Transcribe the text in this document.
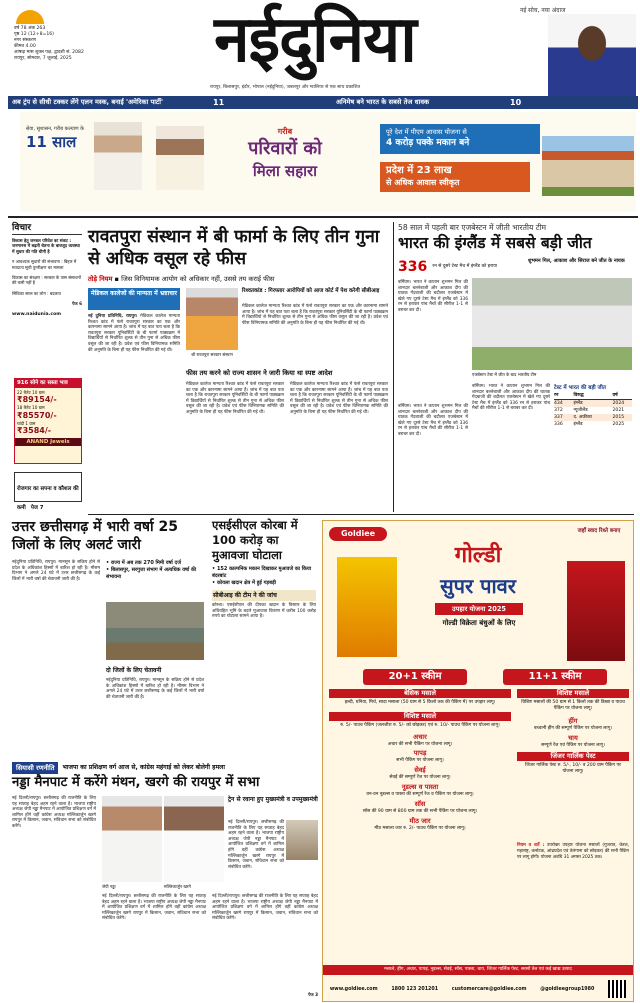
वर्ष 78 अंक 263
पृष्ठ 12 (12+8=16)
नगर संस्करण
कीमत 4.00
आषाढ़ मास शुक्ल पक्ष, द्वादशी सं. 2082
रायपुर, सोमवार, 7 जुलाई, 2025	नईदुनिया	नई सोच, नया अंदाज
रायपुर, बिलासपुर, इंदौर, भोपाल (नईदुनिया), जबलपुर और ग्वालियर से एक साथ प्रकाशित
अब ट्रंप से सीधी टक्कर लेंगे एलन मस्क, बनाई 'अमेरिका पार्टी'	11	अनिमेष बने भारत के सबसे तेज धावक	10
सेवा, सुशासन, गरीब कल्याण के
11 साल
गरीब
परिवारों को
मिला सहारा
पूरे देश में पीएम आवास योजना से
4 करोड़ पक्के मकान बने
प्रदेश में 23 लाख
से अधिक आवास स्वीकृत
विचार
विकास हेतु जनबल परिवेश का संकट : जनमानस में बढ़ती चेतना के बावजूद व्यवस्था में सुधार की गति धीमी है
न आवश्यक सुधारों की संभावना : बिहार में मतदाता सूची पुनरीक्षण का मामला
विकास का संरक्षण : सरकार के पास संसाधनों की कमी नहीं है
सिंधिका सरल का लोग : बदलाव
पेज 6
www.naidunia.com
916 सोने का सस्ता भाव
22 कैरेट 10 ग्राम
₹89154/-
18 कैरेट 10 ग्राम
₹85570/-
चांदी 1 ग्राम
₹3584/-
ANAND Jewels
रोजगार का सपना व कौशल की कमी पेज 7
रावतपुरा संस्थान में बी फार्मा के लिए तीन गुना से अधिक वसूल रहे फीस
तोड़े नियम ▪ जिस विनियामक आयोग को अधिकार नहीं, उससे तय कराई फीस
मेडिकल कालेजों की मान्यता में भ्रष्टाचार
नई दुनिया प्रतिनिधि, रायपुर। मेडिकल कालेज मान्यता रिश्वत कांड में फंसे रावतपुरा सरकार का एक और कारनामा सामने आया है। जांच में यह बात पता चला है कि रावतपुरा सरकार यूनिवर्सिटी के बी फार्मा पाठ्यक्रम में विद्यार्थियों से निर्धारित शुल्क से तीन गुना से अधिक फीस वसूल की जा रही है। प्रवेश एवं फीस विनियामक समिति की अनुमति के बिना ही यह फीस निर्धारित की गई थी।
श्री रावतपुरा सरकार संस्थान
रिश्वतकांड : गिरफ्तार आरोपियों को आज कोर्ट में पेश करेगी सीबीआइ
मेडिकल कालेज मान्यता रिश्वत कांड में फंसे रावतपुरा सरकार का एक और कारनामा सामने आया है। जांच में यह बात पता चला है कि रावतपुरा सरकार यूनिवर्सिटी के बी फार्मा पाठ्यक्रम में विद्यार्थियों से निर्धारित शुल्क से तीन गुना से अधिक फीस वसूल की जा रही है। प्रवेश एवं फीस विनियामक समिति की अनुमति के बिना ही यह फीस निर्धारित की गई थी।
फीस तय करने को राज्य शासन ने जारी किया था स्पष्ट आदेश
मेडिकल कालेज मान्यता रिश्वत कांड में फंसे रावतपुरा सरकार का एक और कारनामा सामने आया है। जांच में यह बात पता चला है कि रावतपुरा सरकार यूनिवर्सिटी के बी फार्मा पाठ्यक्रम में विद्यार्थियों से निर्धारित शुल्क से तीन गुना से अधिक फीस वसूल की जा रही है। प्रवेश एवं फीस विनियामक समिति की अनुमति के बिना ही यह फीस निर्धारित की गई थी।
मेडिकल कालेज मान्यता रिश्वत कांड में फंसे रावतपुरा सरकार का एक और कारनामा सामने आया है। जांच में यह बात पता चला है कि रावतपुरा सरकार यूनिवर्सिटी के बी फार्मा पाठ्यक्रम में विद्यार्थियों से निर्धारित शुल्क से तीन गुना से अधिक फीस वसूल की जा रही है। प्रवेश एवं फीस विनियामक समिति की अनुमति के बिना ही यह फीस निर्धारित की गई थी।
58 साल में पहली बार एजबेस्टन में जीती भारतीय टीम
भारत की इंग्लैंड में सबसे बड़ी जीत
336 रन से दूसरे टेस्ट मैच में इंग्लैंड को हराया
शुभमन गिल, आकाश और सिराज बने जीत के नायक
बर्मिंघम। भारत ने कप्तान शुभमन गिल की शानदार बल्लेबाजी और आकाश दीप की घातक गेंदबाजी की बदौलत एजबेस्टन में खेले गए दूसरे टेस्ट मैच में इंग्लैंड को 336 रन से हराकर पांच मैचों की सीरीज 1-1 से बराबर कर दी।
एजबेस्टन टेस्ट में जीत के बाद भारतीय टीम
बर्मिंघम। भारत ने कप्तान शुभमन गिल की शानदार बल्लेबाजी और आकाश दीप की घातक गेंदबाजी की बदौलत एजबेस्टन में खेले गए दूसरे टेस्ट मैच में इंग्लैंड को 336 रन से हराकर पांच मैचों की सीरीज 1-1 से बराबर कर दी।
बर्मिंघम। भारत ने कप्तान शुभमन गिल की शानदार बल्लेबाजी और आकाश दीप की घातक गेंदबाजी की बदौलत एजबेस्टन में खेले गए दूसरे टेस्ट मैच में इंग्लैंड को 336 रन से हराकर पांच मैचों की सीरीज 1-1 से बराबर कर दी।
टेस्ट में भारत की बड़ी जीत
रन	विरुद्ध	वर्ष
434	इंग्लैंड	2024
372	न्यूजीलैंड	2021
337	द. अफ्रीका	2015
336	इंग्लैंड	2025
उत्तर छत्तीसगढ़ में भारी वर्षा 25 जिलों के लिए अलर्ट जारी
नईदुनिया प्रतिनिधि, रायपुर। मानसून के सक्रिय होने से प्रदेश के अधिकांश हिस्सों में बारिश हो रही है। मौसम विभाग ने अगले 24 घंटे में उत्तर छत्तीसगढ़ के कई जिलों में भारी वर्षा की चेतावनी जारी की है।
• राज्य में अब तक 270 मिमी वर्षा दर्ज
• बिलासपुर, सरगुजा संभाग में अत्यधिक वर्षा की संभावना
दो जिलों के लिए चेतावनी
नईदुनिया प्रतिनिधि, रायपुर। मानसून के सक्रिय होने से प्रदेश के अधिकांश हिस्सों में बारिश हो रही है। मौसम विभाग ने अगले 24 घंटे में उत्तर छत्तीसगढ़ के कई जिलों में भारी वर्षा की चेतावनी जारी की है।
एसईसीएल कोरबा में 100 करोड़ का मुआवजा घोटाला
• 152 काल्पनिक मकान दिखाकर मुआवजे का किया बंदरबांट
• कोयला खदान क्षेत्र में हुई गड़बड़ी
सीबीआइ की टीम ने की जांच
कोरबा। एसईसीएल की दीपका खदान के विस्तार के लिए अधिग्रहित भूमि के बदले मुआवजा वितरण में करीब 100 करोड़ रुपये का घोटाला सामने आया है।
Goldiee	जहाँ स्वाद रिश्ते बनाए
गोल्डी
सुपर पावर
उपहार योजना 2025
गोल्डी विक्रेता बंधुओं के लिए
20+1 स्कीम	11+1 स्कीम
बेसिक मसाले
हल्दी, धनिया, मिर्च, सादा मसाला (50 ग्राम से 5 किलो तक की पैकिंग में) पर उपहार लागू।
विशिष्ट मसाले
रु. 5/- पाउच पैकिंग (जलजीरा रु. 5/- को छोड़कर) एवं रु. 10/- पाउच पैकिंग पर योजना लागू।
अचार
अचार की सभी पैकिंग पर योजना लागू।
पापड़
सभी पैकिंग पर योजना लागू।
सेवई
सेवई की सम्पूर्ण रेंज पर योजना लागू।
नूडल्स व पास्ता
वन-वन नूडल्स व पास्ता की सम्पूर्ण रेंज व पैकिंग पर योजना लागू।
सॉस
सॉस की 90 ग्राम से 800 ग्राम तक की सभी पैकिंग पर योजना लागू।
मीठ जार
मीठ मसाला जार रु. 2/- पाउच पैकिंग पर योजना लागू।
विशिष्ट मसाले
विशिष्ट मसालों की 50 ग्राम से 1 किलो तक की डिब्बा व पाउच पैकिंग पर योजना लागू।
हींग
बच्चानी हींग की सम्पूर्ण पैकिंग पर योजना लागू।
चाय
सम्पूर्ण रेंज एवं पैकिंग पर योजना लागू।
जिंजर गार्लिक पेस्ट
जिंजर गार्लिक पेस्ट रु. 5/-, 10/- व 200 ग्राम पैकिंग पर योजना लागू।
नियम व शर्तें : उपरोक्त उपहार योजना मसालों (गुजरात, केरल, महाराष्ट्र, कर्नाटक, आंध्रप्रदेश एवं तेलंगाना को छोड़कर) की सभी पैकिंग पर लागू होगी। योजना अवधि 31 अगस्त 2025 तक।
मसाले, हींग, अचार, पापड़, नूडल्स, सेवई, सॉस, पास्ता, चाय, जिंजर गार्लिक पेस्ट, सरसों तेल एवं कई खाद्य उत्पाद
www.goldiee.com	1800 123 201201	customercare@goldiee.com	@goldieegroup1980
सियासी रणनीति	भाजपा का प्रशिक्षण वर्ग आज से, कांग्रेस महंगाई को लेकर बोलेगी हमला
नड्डा मैनपाट में करेंगे मंथन, खरगे की रायपुर में सभा
नई दिल्ली/रायपुर। छत्तीसगढ़ की राजनीति के लिए यह सप्ताह बेहद अहम रहने वाला है। भाजपा राष्ट्रीय अध्यक्ष जेपी नड्डा मैनपाट में आयोजित प्रशिक्षण वर्ग में शामिल होंगे वहीं कांग्रेस अध्यक्ष मल्लिकार्जुन खरगे रायपुर में किसान, जवान, संविधान सभा को संबोधित करेंगे।
जेपी नड्डा	मल्लिकार्जुन खरगे
ट्रेन से रवाना हुए मुख्यमंत्री व उपमुख्यमंत्री
नई दिल्ली/रायपुर। छत्तीसगढ़ की राजनीति के लिए यह सप्ताह बेहद अहम रहने वाला है। भाजपा राष्ट्रीय अध्यक्ष जेपी नड्डा मैनपाट में आयोजित प्रशिक्षण वर्ग में शामिल होंगे वहीं कांग्रेस अध्यक्ष मल्लिकार्जुन खरगे रायपुर में किसान, जवान, संविधान सभा को संबोधित करेंगे।
नई दिल्ली/रायपुर। छत्तीसगढ़ की राजनीति के लिए यह सप्ताह बेहद अहम रहने वाला है। भाजपा राष्ट्रीय अध्यक्ष जेपी नड्डा मैनपाट में आयोजित प्रशिक्षण वर्ग में शामिल होंगे वहीं कांग्रेस अध्यक्ष मल्लिकार्जुन खरगे रायपुर में किसान, जवान, संविधान सभा को संबोधित करेंगे।
नई दिल्ली/रायपुर। छत्तीसगढ़ की राजनीति के लिए यह सप्ताह बेहद अहम रहने वाला है। भाजपा राष्ट्रीय अध्यक्ष जेपी नड्डा मैनपाट में आयोजित प्रशिक्षण वर्ग में शामिल होंगे वहीं कांग्रेस अध्यक्ष मल्लिकार्जुन खरगे रायपुर में किसान, जवान, संविधान सभा को संबोधित करेंगे।
पेज 3
